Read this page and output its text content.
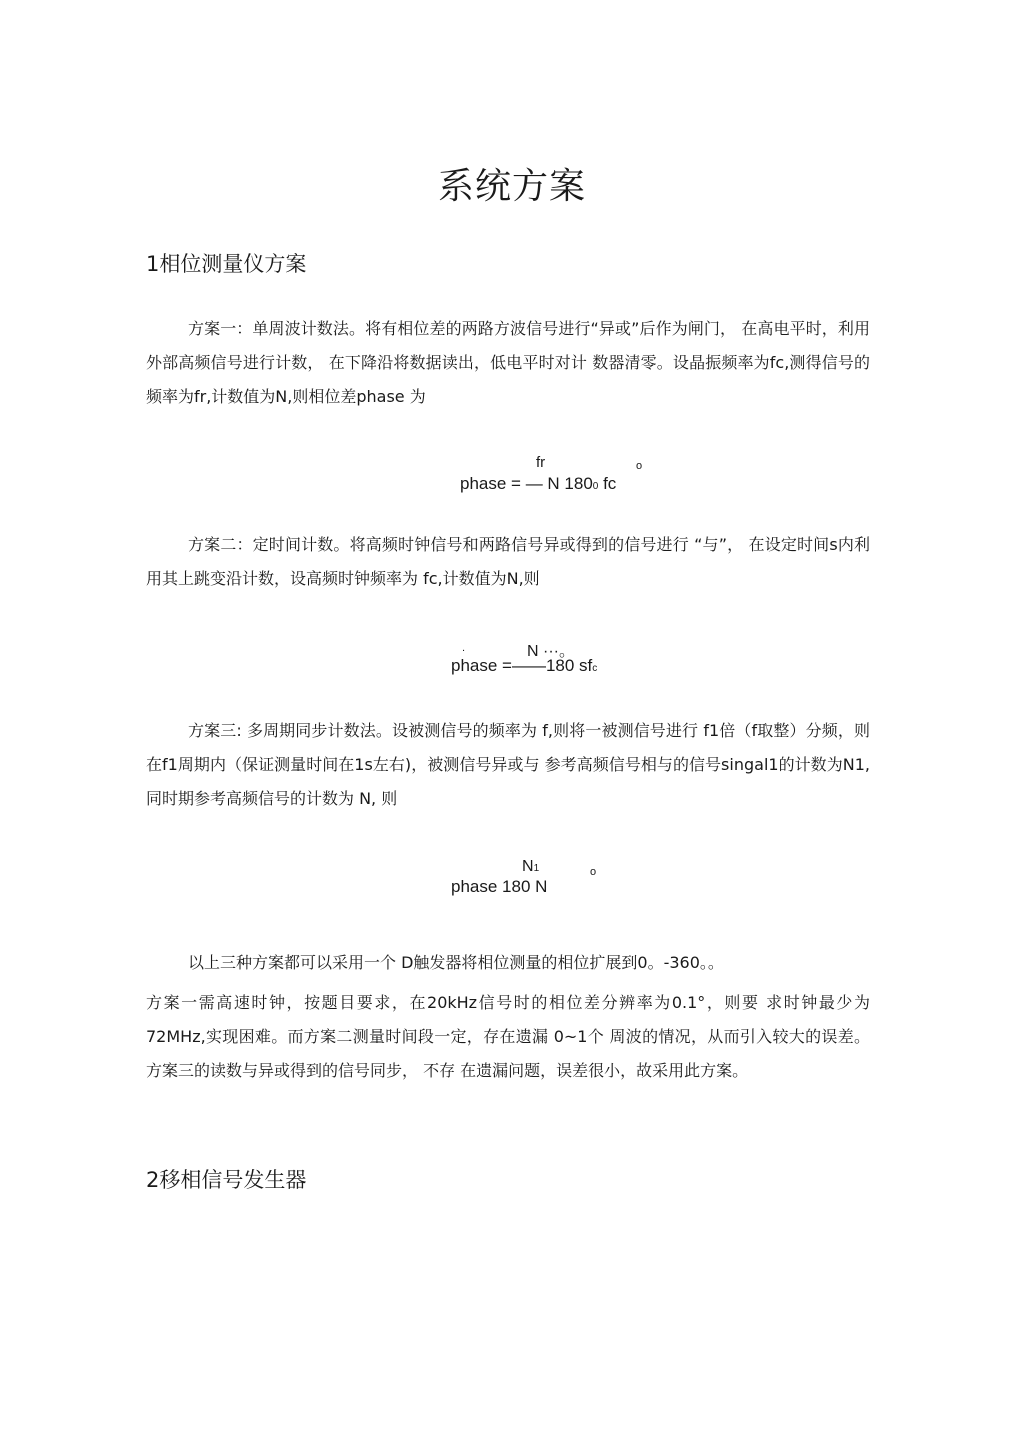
系统方案
1相位测量仪方案
方案一：单周波计数法。将有相位差的两路方波信号进行“异或”后作为闸门， 在高电平时，利用外部高频信号进行计数， 在下降沿将数据读出，低电平时对计 数器清零。设晶振频率为fc,测得信号的频率为fr,计数值为N,则相位差phase 为
fr
phase = — N 1800 fc
o
方案二：定时间计数。将高频时钟信号和两路信号异或得到的信号进行 “与”， 在设定时间s内利用其上跳变沿计数，设高频时钟频率为 fc,计数值为N,则
.	N ···。
phase =——180 sfc
方案三: 多周期同步计数法。设被测信号的频率为 f,则将一被测信号进行 f1倍（f取整）分频，则在f1周期内（保证测量时间在1s左右)，被测信号异或与 参考高频信号相与的信号singal1的计数为N1,同时期参考高频信号的计数为 N, 则
N1
phase 180 N
o
以上三种方案都可以采用一个 D触发器将相位测量的相位扩展到0。-360。。
方案一需高速时钟，按题目要求，在20kHz信号时的相位差分辨率为0.1°，则要 求时钟最少为72MHz,实现困难。而方案二测量时间段一定，存在遗漏 0~1个 周波的情况，从而引入较大的误差。 方案三的读数与异或得到的信号同步， 不存 在遗漏问题，误差很小，故采用此方案。
2移相信号发生器
